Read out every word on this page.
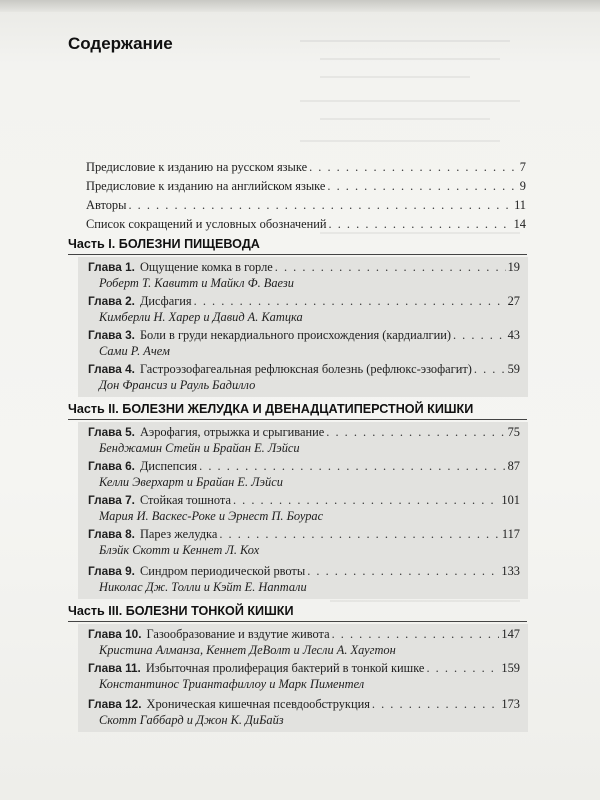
Содержание
Предисловие к изданию на русском языке . . .	7
Предисловие к изданию на английском языке . . .	9
Авторы . . .	11
Список сокращений и условных обозначений . . .	14
Часть I. БОЛЕЗНИ ПИЩЕВОДА
Глава 1. Ощущение комка в горле . . .	19
Роберт Т. Кавитт и Майкл Ф. Ваези
Глава 2. Дисфагия . . .	27
Кимберли Н. Харер и Давид А. Катцка
Глава 3. Боли в груди некардиального происхождения (кардиалгии) . . .	43
Сами Р. Ачем
Глава 4. Гастроэзофагеальная рефлюксная болезнь (рефлюкс-эзофагит) . . .	59
Дон Франсиз и Рауль Бадилло
Часть II. БОЛЕЗНИ ЖЕЛУДКА И ДВЕНАДЦАТИПЕРСТНОЙ КИШКИ
Глава 5. Аэрофагия, отрыжка и срыгивание . . .	75
Бенджамин Стейн и Брайан Е. Лэйси
Глава 6. Диспепсия . . .	87
Келли Эверхарт и Брайан Е. Лэйси
Глава 7. Стойкая тошнота . . .	101
Мария И. Васкес-Роке и Эрнест П. Боурас
Глава 8. Парез желудка . . .	117
Блэйк Скотт и Кеннет Л. Кох
Глава 9. Синдром периодической рвоты . . .	133
Николас Дж. Толли и Кэйт Е. Наптали
Часть III. БОЛЕЗНИ ТОНКОЙ КИШКИ
Глава 10. Газообразование и вздутие живота . . .	147
Кристина Алманза, Кеннет ДеВолт и Лесли А. Хаугтон
Глава 11. Избыточная пролиферация бактерий в тонкой кишке . . .	159
Константинос Триантафиллоу и Марк Пиментел
Глава 12. Хроническая кишечная псевдообструкция . . .	173
Скотт Габбард и Джон К. ДиБайз
